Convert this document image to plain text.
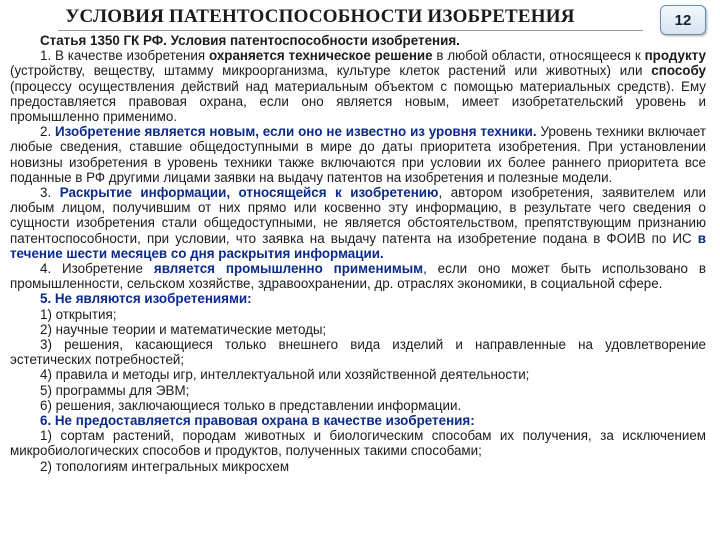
УСЛОВИЯ ПАТЕНТОСПОСОБНОСТИ ИЗОБРЕТЕНИЯ	12

Статья 1350 ГК РФ. Условия патентоспособности изобретения.

1. В качестве изобретения охраняется техническое решение в любой области, относящееся к продукту (устройству, веществу, штамму микроорганизма, культуре клеток растений или животных) или способу (процессу осуществления действий над материальным объектом с помощью материальных средств). Ему предоставляется правовая охрана, если оно является новым, имеет изобретательский уровень и промышленно применимо.

2. Изобретение является новым, если оно не известно из уровня техники. Уровень техники включает любые сведения, ставшие общедоступными в мире до даты приоритета изобретения. При установлении новизны изобретения в уровень техники также включаются при условии их более раннего приоритета все поданные в РФ другими лицами заявки на выдачу патентов на изобретения и полезные модели.

3. Раскрытие информации, относящейся к изобретению, автором изобретения, заявителем или любым лицом, получившим от них прямо или косвенно эту информацию, в результате чего сведения о сущности изобретения стали общедоступными, не является обстоятельством, препятствующим признанию патентоспособности, при условии, что заявка на выдачу патента на изобретение подана в ФОИВ по ИС в течение шести месяцев со дня раскрытия информации.

4. Изобретение является промышленно применимым, если оно может быть использовано в промышленности, сельском хозяйстве, здравоохранении, др. отраслях экономики, в социальной сфере.

5. Не являются изобретениями:

1) открытия;

2) научные теории и математические методы;

3) решения, касающиеся только внешнего вида изделий и направленные на удовлетворение эстетических потребностей;

4) правила и методы игр, интеллектуальной или хозяйственной деятельности;

5) программы для ЭВМ;

6) решения, заключающиеся только в представлении информации.

6. Не предоставляется правовая охрана в качестве изобретения:

1) сортам растений, породам животных и биологическим способам их получения, за исключением микробиологических способов и продуктов, полученных такими способами;

2) топологиям интегральных микросхем
